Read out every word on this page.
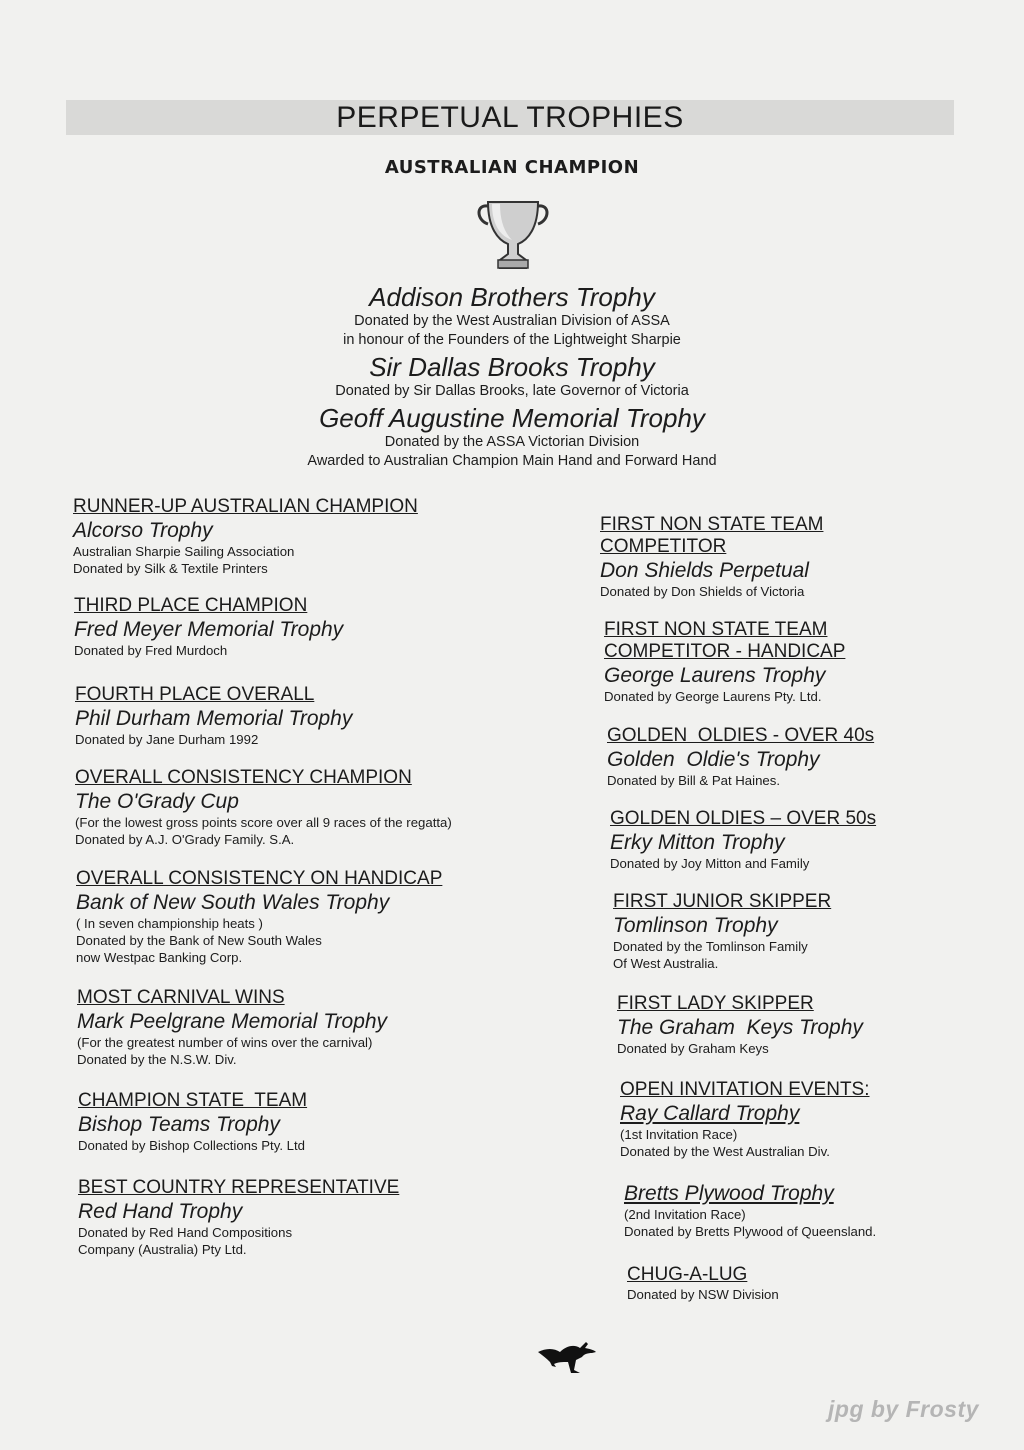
PERPETUAL TROPHIES
AUSTRALIAN CHAMPION
Addison Brothers Trophy
Donated by the West Australian Division of ASSA
in honour of the Founders of the Lightweight Sharpie
Sir Dallas Brooks Trophy
Donated by Sir Dallas Brooks, late Governor of Victoria
Geoff Augustine Memorial Trophy
Donated by the ASSA Victorian Division
Awarded to Australian Champion Main Hand and Forward Hand
RUNNER-UP AUSTRALIAN CHAMPION
Alcorso Trophy
Australian Sharpie Sailing Association
Donated by Silk & Textile Printers
THIRD PLACE CHAMPION
Fred Meyer Memorial Trophy
Donated by Fred Murdoch
FOURTH PLACE OVERALL
Phil Durham Memorial Trophy
Donated by Jane Durham 1992
OVERALL CONSISTENCY CHAMPION
The O'Grady Cup
(For the lowest gross points score over all 9 races of the regatta)
Donated by A.J. O'Grady Family. S.A.
OVERALL CONSISTENCY ON HANDICAP
Bank of New South Wales Trophy
( In seven championship heats )
Donated by the Bank of New South Wales
now Westpac Banking Corp.
MOST CARNIVAL WINS
Mark Peelgrane Memorial Trophy
(For the greatest number of wins over the carnival)
Donated by the N.S.W. Div.
CHAMPION STATE  TEAM
Bishop Teams Trophy
Donated by Bishop Collections Pty. Ltd
BEST COUNTRY REPRESENTATIVE
Red Hand Trophy
Donated by Red Hand Compositions
Company (Australia) Pty Ltd.
FIRST NON STATE TEAM
COMPETITOR
Don Shields Perpetual
Donated by Don Shields of Victoria
FIRST NON STATE TEAM
COMPETITOR - HANDICAP
George Laurens Trophy
Donated by George Laurens Pty. Ltd.
GOLDEN  OLDIES - OVER 40s
Golden  Oldie's Trophy
Donated by Bill & Pat Haines.
GOLDEN OLDIES – OVER 50s
Erky Mitton Trophy
Donated by Joy Mitton and Family
FIRST JUNIOR SKIPPER
Tomlinson Trophy
Donated by the Tomlinson Family
Of West Australia.
FIRST LADY SKIPPER
The Graham  Keys Trophy
Donated by Graham Keys
OPEN INVITATION EVENTS:
Ray Callard Trophy
(1st Invitation Race)
Donated by the West Australian Div.
Bretts Plywood Trophy
(2nd Invitation Race)
Donated by Bretts Plywood of Queensland.
CHUG-A-LUG
Donated by NSW Division
jpg by Frosty
